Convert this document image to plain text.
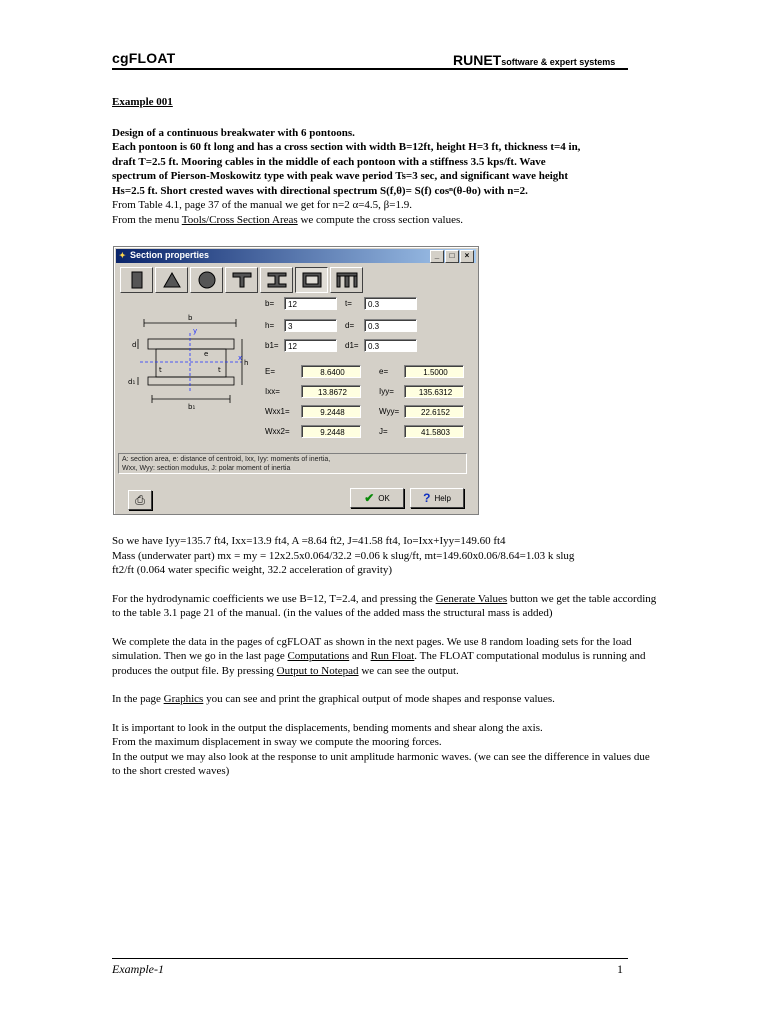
cgFLOAT	RUNETsoftware & expert systems

Example 001

Design of a continuous breakwater with 6 pontoons.
Each pontoon is 60 ft long and has a cross section with width B=12ft, height H=3 ft, thickness t=4 in,
draft T=2.5 ft. Mooring cables in the middle of each pontoon with a stiffness 3.5 kps/ft. Wave
spectrum of Pierson-Moskowitz type with peak wave period Ts=3 sec, and significant wave height
Hs=2.5 ft. Short crested waves with directional spectrum S(f,θ)= S(f) cosⁿ(θ-θo) with n=2.

From Table 4.1, page 37 of the manual we get for n=2 α=4.5, β=1.9.

From the menu Tools/Cross Section Areas we compute the cross section values.

✦ Section properties	_	□	×
b
y
e
d
x
t	t
h
d₁
b₁
b=	12	t=	0.3
h=	3	d=	0.3
b1=	12	d1=	0.3
E=	8.6400	e=	1.5000
Ixx=	13.8672	Iyy=	135.6312
Wxx1=	9.2448	Wyy=	22.6152
Wxx2=	9.2448	J=	41.5803
A: section area, e: distance of centroid, Ixx, Iyy: moments of inertia,
Wxx, Wyy: section modulus, J: polar moment of inertia
⎙	✔ OK	? Help

So we have Iyy=135.7 ft4, Ixx=13.9 ft4, A =8.64 ft2, J=41.58 ft4, Io=Ixx+Iyy=149.60 ft4

Mass (underwater part) mx = my = 12x2.5x0.064/32.2 =0.06 k slug/ft, mt=149.60x0.06/8.64=1.03 k slug

ft2/ft (0.064 water specific weight, 32.2 acceleration of gravity)

For the hydrodynamic coefficients we use B=12, T=2.4, and pressing the Generate Values button we get the table according to the table 3.1 page 21 of the manual. (in the values of the added mass the structural mass is added)

We complete the data in the pages of cgFLOAT as shown in the next pages. We use 8 random loading sets for the load simulation. Then we go in the last page Computations and Run Float. The FLOAT computational modulus is running and produces the output file. By pressing Output to Notepad we can see the output.

In the page Graphics you can see and print the graphical output of mode shapes and response values.

It is important to look in the output the displacements, bending moments and shear along the axis.

From the maximum displacement in sway we compute the mooring forces.

In the output we may also look at the response to unit amplitude harmonic waves. (we can see the difference in values due to the short crested waves)

Example-1	1
